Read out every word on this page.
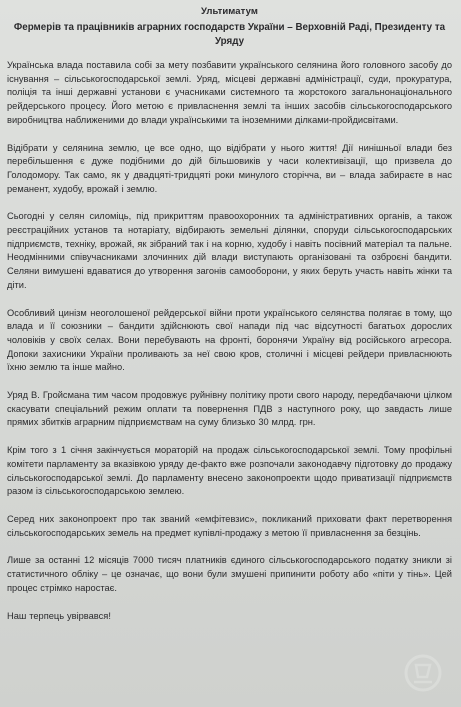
Ультиматум
Фермерів та працівників аграрних господарств України – Верховній Раді, Президенту та Уряду

Українська влада поставила собі за мету позбавити українського селянина його головного засобу до існування – сільськогосподарської землі. Уряд, місцеві державні адміністрації, суди, прокуратура, поліція та інші державні установи є учасниками системного та жорстокого загальнонаціонального рейдерського процесу. Його метою є привласнення землі та інших засобів сільськогосподарського виробництва наближеними до влади українськими та іноземними ділками-пройдисвітами.

Відібрати у селянина землю, це все одно, що відібрати у нього життя! Дії нинішньої влади без перебільшення є дуже подібними до дій більшовиків у часи колективізації, що призвела до Голодомору. Так само, як у двадцяті-тридцяті роки минулого сторічча, ви – влада забираєте в нас реманент, худобу, врожай і землю.

Сьогодні у селян силоміць, під прикриттям правоохоронних та адміністративних органів, а також реєстраційних установ та нотаріату, відбирають земельні ділянки, споруди сільськогосподарських підприємств, техніку, врожай, як зібраний так і на корню, худобу і навіть посівний матеріал та пальне. Неодмінними співучасниками злочинних дій влади виступають організовані та озброєні бандити. Селяни вимушені вдаватися до утворення загонів самооборони, у яких беруть участь навіть жінки та діти.

Особливий цинізм неоголошеної рейдерської війни проти українського селянства полягає в тому, що влада и її союзники – бандити здійснюють свої напади під час відсутності багатьох дорослих чоловіків у своїх селах. Вони перебувають на фронті, боронячи Україну від російського агресора. Допоки захисники України проливають за неї свою кров, столичні і місцеві рейдери привласнюють їхню землю та інше майно.

Уряд В. Гройсмана тим часом продовжує руйнівну політику проти свого народу, передбачаючи цілком скасувати спеціальний режим оплати та повернення ПДВ з наступного року, що завдасть лише прямих збитків аграрним підприємствам на суму близько 30 млрд. грн.

Крім того з 1 січня закінчується мораторій на продаж сільськогосподарської землі. Тому профільні комітети парламенту за вказівкою уряду де-факто вже розпочали законодавчу підготовку до продажу сільськогосподарської землі. До парламенту внесено законопроекти щодо приватизації підприємств разом із сільськогосподарською землею.

Серед них законопроект про так званий «емфітевзис», покликаний приховати факт перетворення сільськогосподарських земель на предмет купівлі-продажу з метою її привласнення за безцінь.

Лише за останні 12 місяців 7000 тисяч платників єдиного сільськогосподарського податку зникли зі статистичного обліку – це означає, що вони були змушені припинити роботу або «піти у тінь». Цей процес стрімко наростає.

Наш терпець увірвався!
